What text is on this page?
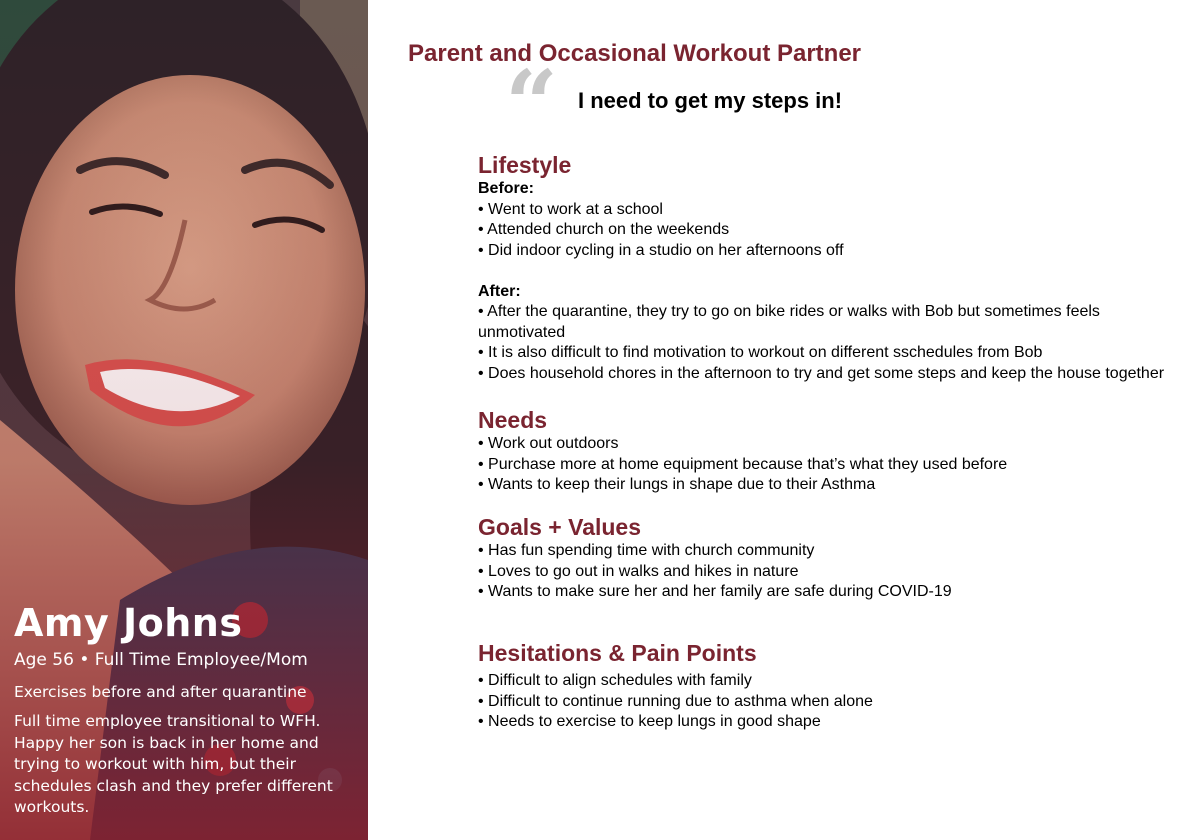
Amy Johns
Age 56 • Full Time Employee/Mom
Exercises before and after quarantine
Full time employee transitional to WFH. Happy her son is back in her home and trying to workout with him, but their schedules clash and they prefer different workouts.
Parent and Occasional Workout Partner
“ I need to get my steps in!
Lifestyle
Before:
• Went to work at a school
• Attended church on the weekends
• Did indoor cycling in a studio on her afternoons off
After:
• After the quarantine, they try to go on bike rides or walks with Bob but sometimes feels unmotivated
• It is also difficult to find motivation to workout on different sschedules from Bob
• Does household chores in the afternoon to try and get some steps and keep the house together
Needs
• Work out outdoors
• Purchase more at home equipment because that’s what they used before
• Wants to keep their lungs in shape due to their Asthma
Goals + Values
• Has fun spending time with church community
• Loves to go out in walks and hikes in nature
• Wants to make sure her and her family are safe during COVID-19
Hesitations & Pain Points
• Difficult to align schedules with family
• Difficult to continue running due to asthma when alone
• Needs to exercise to keep lungs in good shape
